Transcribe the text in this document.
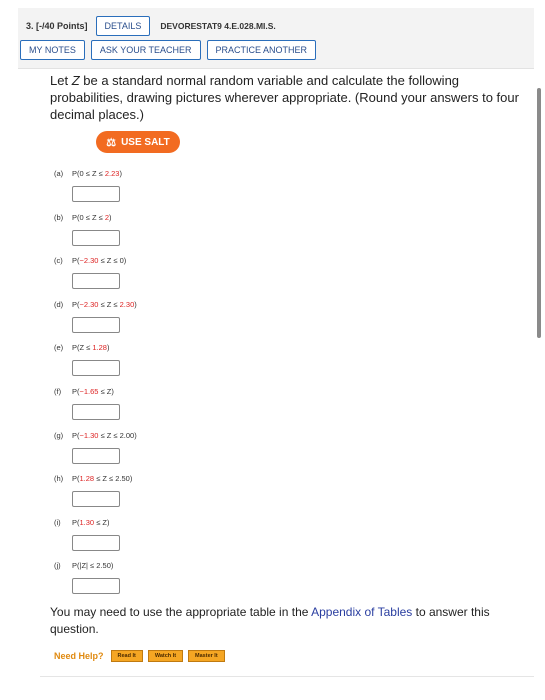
3. [-/40 Points]	DETAILS	DEVORESTAT9 4.E.028.MI.S.
MY NOTES	ASK YOUR TEACHER	PRACTICE ANOTHER
Let Z be a standard normal random variable and calculate the following probabilities, drawing pictures wherever appropriate. (Round your answers to four decimal places.)
⚖ USE SALT
(a) P(0 ≤ Z ≤ 2.23)
(b) P(0 ≤ Z ≤ 2)
(c) P(−2.30 ≤ Z ≤ 0)
(d) P(−2.30 ≤ Z ≤ 2.30)
(e) P(Z ≤ 1.28)
(f) P(−1.65 ≤ Z)
(g) P(−1.30 ≤ Z ≤ 2.00)
(h) P(1.28 ≤ Z ≤ 2.50)
(i) P(1.30 ≤ Z)
(j) P(|Z| ≤ 2.50)
You may need to use the appropriate table in the Appendix of Tables to answer this question.
Need Help?	Read It	Watch It	Master It
